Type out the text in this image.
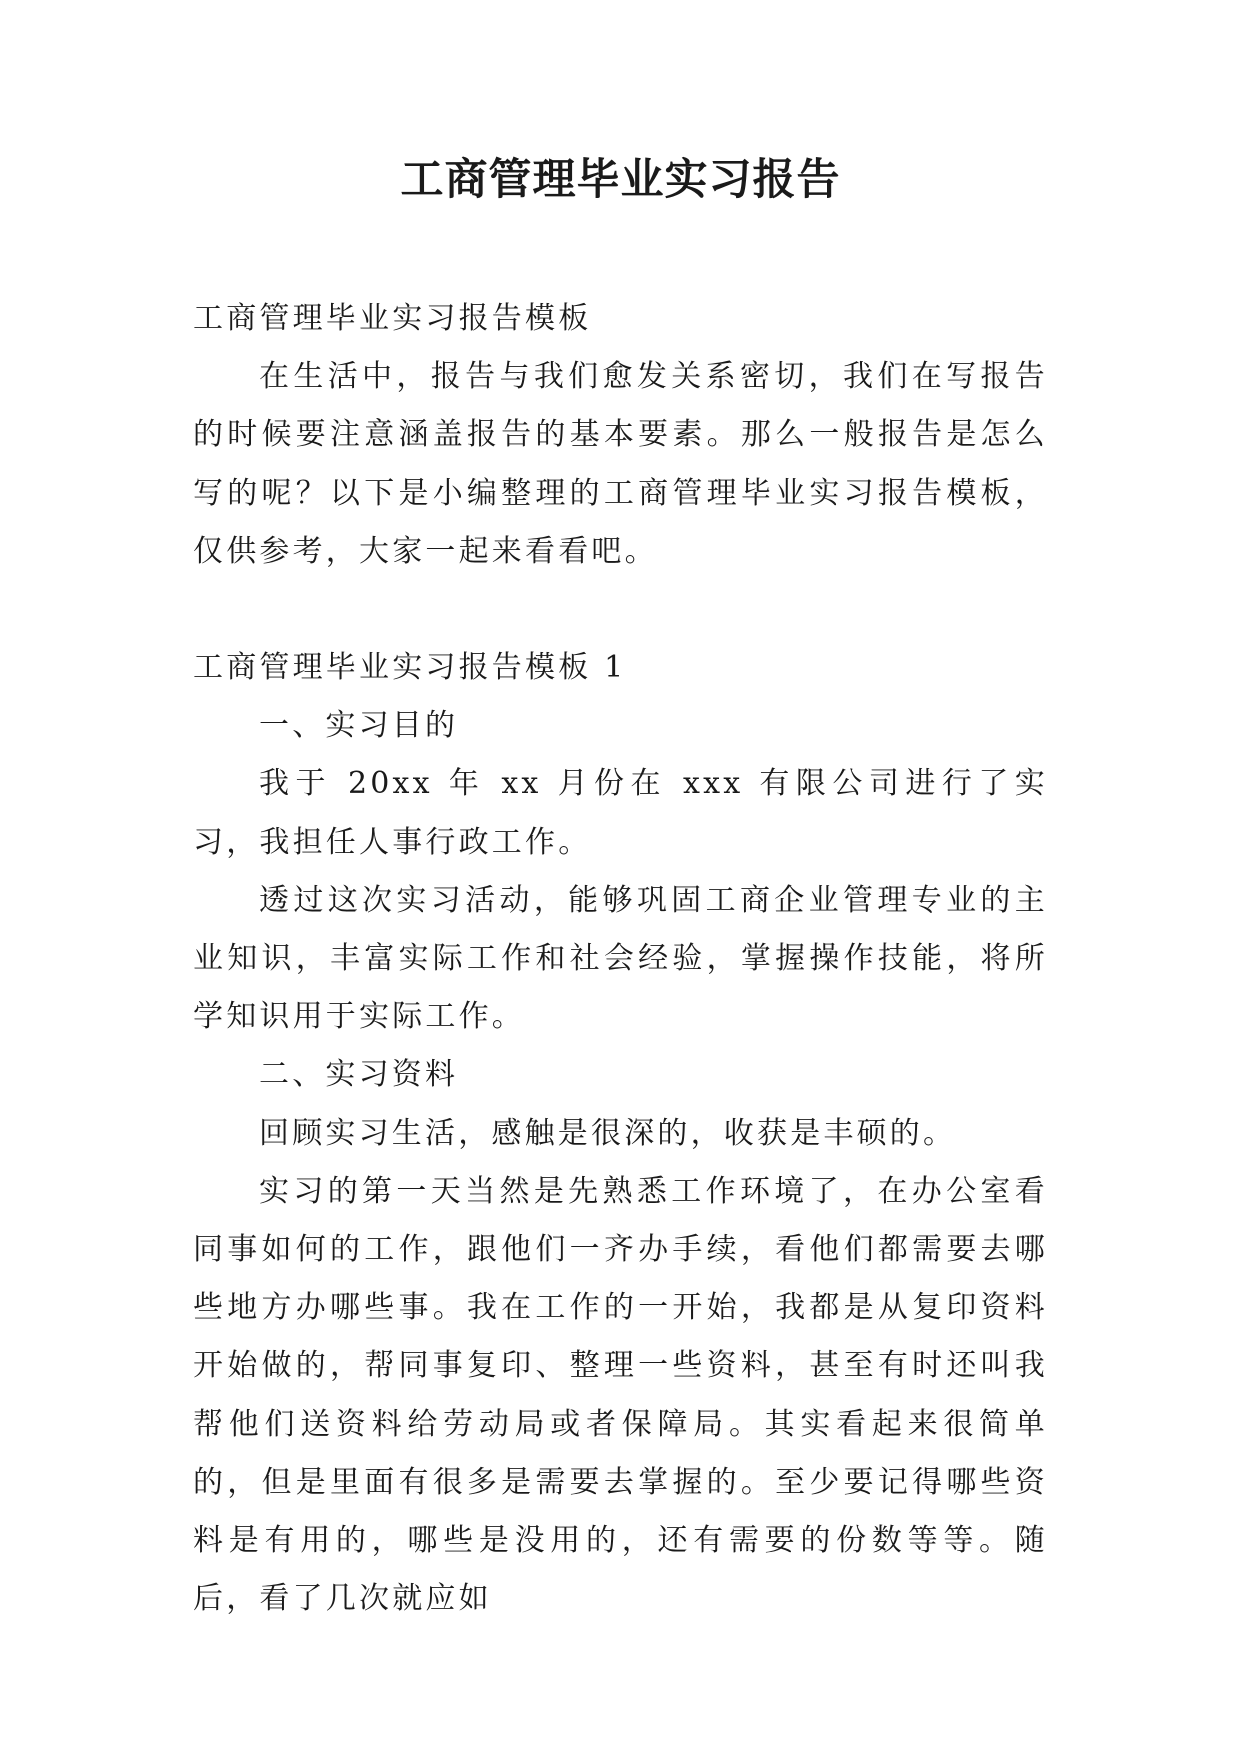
工商管理毕业实习报告

工商管理毕业实习报告模板

在生活中，报告与我们愈发关系密切，我们在写报告的时候要注意涵盖报告的基本要素。那么一般报告是怎么写的呢？以下是小编整理的工商管理毕业实习报告模板，仅供参考，大家一起来看看吧。

工商管理毕业实习报告模板 1

一、实习目的

我于 20xx 年 xx 月份在 xxx 有限公司进行了实习，我担任人事行政工作。

透过这次实习活动，能够巩固工商企业管理专业的主业知识，丰富实际工作和社会经验，掌握操作技能，将所学知识用于实际工作。

二、实习资料

回顾实习生活，感触是很深的，收获是丰硕的。

实习的第一天当然是先熟悉工作环境了，在办公室看同事如何的工作，跟他们一齐办手续，看他们都需要去哪些地方办哪些事。我在工作的一开始，我都是从复印资料开始做的，帮同事复印、整理一些资料，甚至有时还叫我帮他们送资料给劳动局或者保障局。其实看起来很简单的，但是里面有很多是需要去掌握的。至少要记得哪些资料是有用的，哪些是没用的，还有需要的份数等等。随后，看了几次就应如
